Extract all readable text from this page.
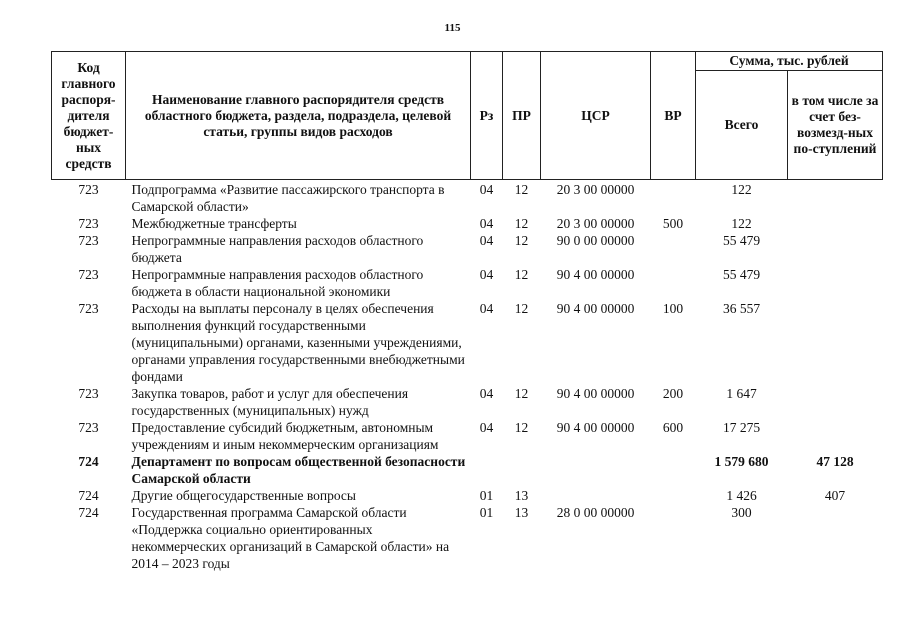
115
Код главного распоря-дителя бюджет-ных средств	Наименование главного распорядителя средств областного бюджета, раздела, подраздела, целевой статьи, группы видов расходов	Рз	ПР	ЦСР	ВР	Сумма, тыс. рублей	
						Всего	в том числе за счет без-возмезд-ных по-ступлений
723	Подпрограмма «Развитие пассажирского транспорта в Самарской области»	04	12	20 3 00 00000		122	
723	Межбюджетные трансферты	04	12	20 3 00 00000	500	122	
723	Непрограммные направления расходов областного бюджета	04	12	90 0 00 00000		55 479	
723	Непрограммные направления расходов областного бюджета в области национальной экономики	04	12	90 4 00 00000		55 479	
723	Расходы на выплаты персоналу в целях обеспечения выполнения функций государственными (муниципальными) органами, казенными учреждениями, органами управления государственными внебюджетными фондами	04	12	90 4 00 00000	100	36 557	
723	Закупка товаров, работ и услуг для обеспечения государственных (муниципальных) нужд	04	12	90 4 00 00000	200	1 647	
723	Предоставление субсидий бюджетным, автономным учреждениям и иным некоммерческим организациям	04	12	90 4 00 00000	600	17 275	
724	Департамент по вопросам общественной безопасности Самарской области					1 579 680	47 128
724	Другие общегосударственные вопросы	01	13			1 426	407
724	Государственная программа Самарской области «Поддержка социально ориентированных некоммерческих организаций в Самарской области» на 2014 – 2023 годы	01	13	28 0 00 00000		300	
